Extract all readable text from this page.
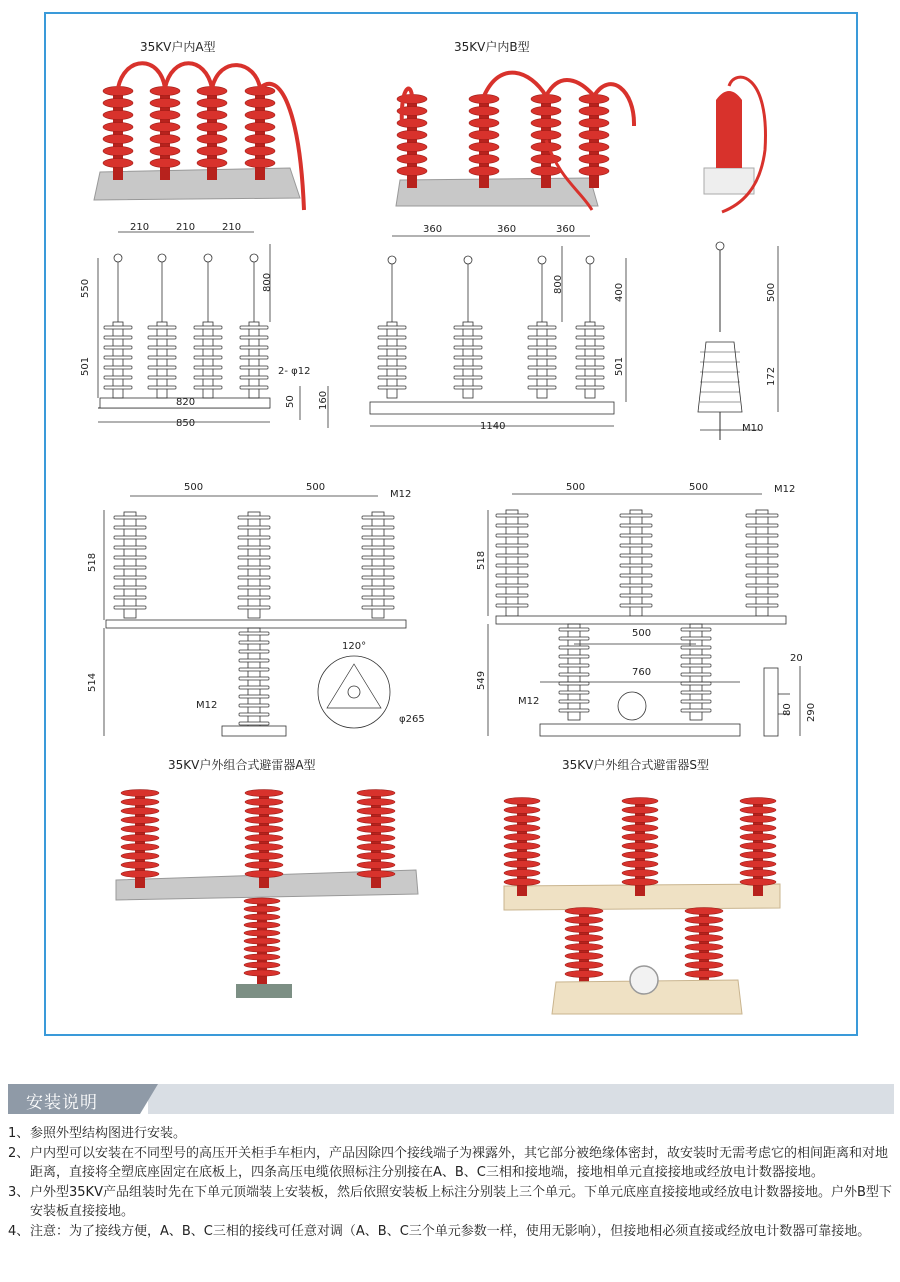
35KV户内A型	35KV户内B型
35KV户外组合式避雷器A型	35KV户外组合式避雷器S型
210	210	210
550	800
501
820
850
2- φ12
50 160
360	360	360
800	400
501
1140
500
172
M10
500	500
M12
518
514
M12
120°
φ265
500	500	M12
518
549
500
760
M12
20
80 290
安装说明
1、 参照外型结构图进行安装。
2、 户内型可以安装在不同型号的高压开关柜手车柜内，产品因除四个接线端子为裸露外，其它部分被绝缘体密封，故安装时无需考虑它的相间距离和对地距离，直接将全塑底座固定在底板上，四条高压电缆依照标注分别接在A、B、C三相和接地端，接地相单元直接接地或经放电计数器接地。
3、 户外型35KV产品组装时先在下单元顶端装上安装板，然后依照安装板上标注分别装上三个单元。下单元底座直接接地或经放电计数器接地。户外B型下安装板直接接地。
4、 注意：为了接线方便，A、B、C三相的接线可任意对调（A、B、C三个单元参数一样，使用无影响），但接地相必须直接或经放电计数器可靠接地。
